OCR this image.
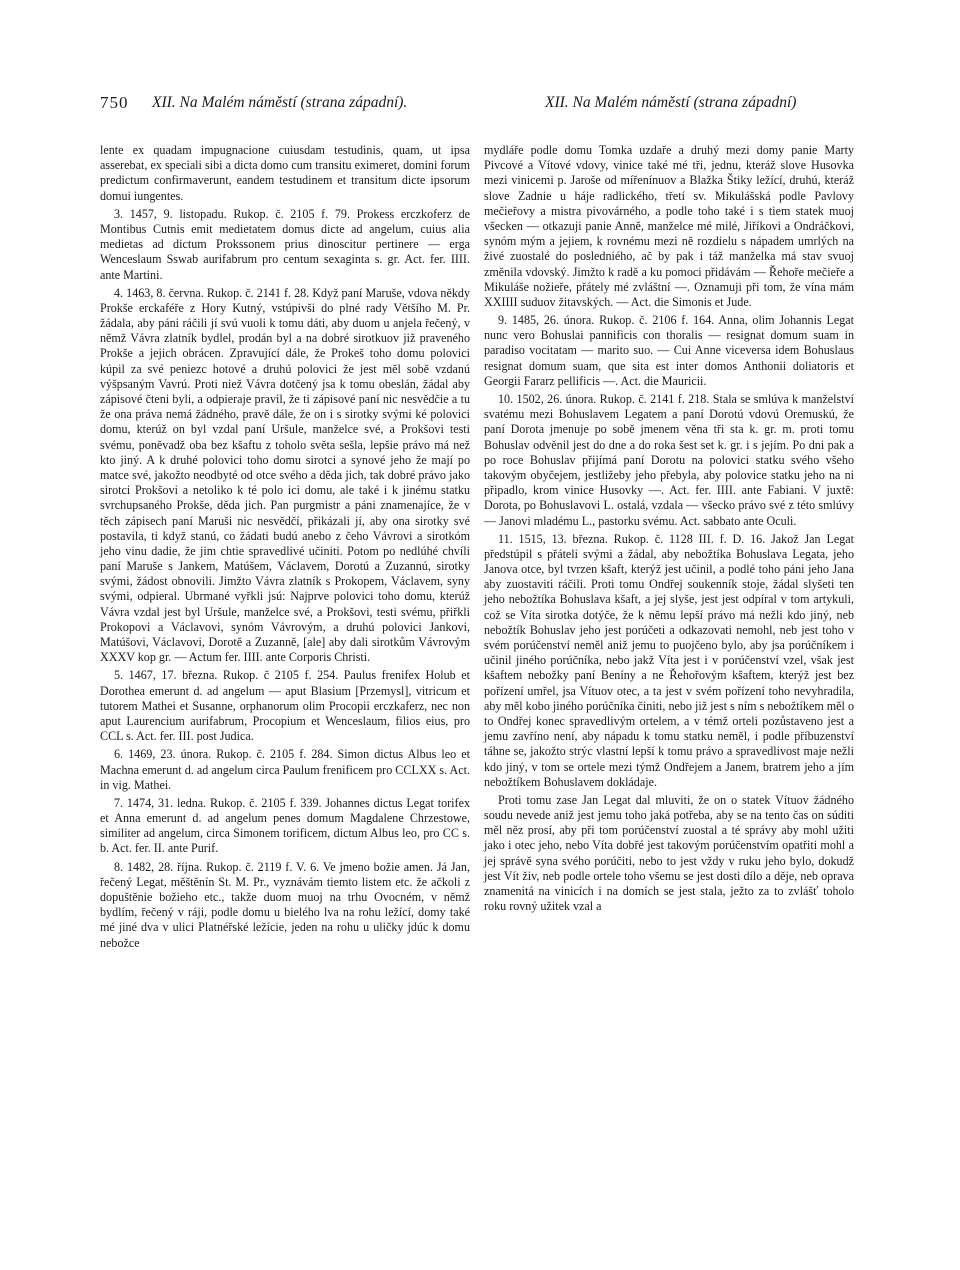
750 XII. Na Malém náměstí (strana západní).	XII. Na Malém náměstí (strana západní)

lente ex quadam impugnacione cuiusdam testudinis, quam, ut ipsa asserebat, ex speciali sibi a dicta domo cum transitu eximeret, domini forum predictum confirmaverunt, eandem testudinem et transitum dicte ipsorum domui iungentes.

3. 1457, 9. listopadu. Rukop. č. 2105 f. 79. Prokess erczkoferz de Montibus Cutnis emit medietatem domus dicte ad angelum, cuius alia medietas ad dictum Prokssonem prius dinoscitur pertinere — erga Wenceslaum Sswab aurifabrum pro centum sexaginta s. gr. Act. fer. IIII. ante Martini.

4. 1463, 8. června. Rukop. č. 2141 f. 28. Když paní Maruše, vdova někdy Prokše erckaféře z Hory Kutný, vstúpivši do plné rady Většího M. Pr. žádala, aby páni ráčili jí svú vuoli k tomu dáti, aby duom u anjela řečený, v němž Vávra zlatník bydlel, prodán byl a na dobré sirotkuov již praveného Prokše a jejich obrácen. Zpravující dále, že Prokeš toho domu polovici kúpil za své peniezc hotové a druhú polovici že jest měl sobě vzdanú výšpsaným Vavrú. Proti niež Vávra dotčený jsa k tomu obeslán, žádal aby zápisové čteni byli, a odpieraje pravil, že ti zápisové paní nic nesvědčie a tu že ona práva nemá žádného, pravě dále, že on i s sirotky svými ké polovici domu, kterúž on byl vzdal paní Uršule, manželce své, a Prokšovi testi svému, poněvadž oba bez kšaftu z toholo světa sešla, lepšie právo má než kto jiný. A k druhé polovici toho domu sirotci a synové jeho že mají po matce své, jakožto neodbyté od otce svého a děda jich, tak dobré právo jako sirotci Prokšovi a netoliko k té polo ici domu, ale také i k jinému statku svrchupsaného Prokše, děda jich. Pan purgmistr a páni znamenajíce, že v těch zápisech paní Maruši nic nesvědčí, přikázali jí, aby ona sirotky své postavila, ti když stanú, co žádati budú anebo z čeho Vávrovi a sirotkóm jeho vinu dadie, že jim chtie spravedlivé učiniti. Potom po nedlúhé chvíli paní Maruše s Jankem, Matúšem, Václavem, Dorotú a Zuzannú, sirotky svými, žádost obnovili. Jimžto Vávra zlatník s Prokopem, Václavem, syny svými, odpieral. Ubrmané vyřkli jsú: Najprve polovici toho domu, kterúž Vávra vzdal jest byl Uršule, manželce své, a Prokšovi, testi svému, přiřkli Prokopovi a Václavovi, synóm Vávrovým, a druhú polovici Jankovi, Matúšovi, Václavovi, Dorotě a Zuzanně, [ale] aby dali sirotkům Vávrovým XXXV kop gr. — Actum fer. IIII. ante Corporis Christi.

5. 1467, 17. března. Rukop. č 2105 f. 254. Paulus frenifex Holub et Dorothea emerunt d. ad angelum — aput Blasium [Przemysl], vitricum et tutorem Mathei et Susanne, orphanorum olim Procopii erczkaferz, nec non aput Laurencium aurifabrum, Procopium et Wenceslaum, filios eius, pro CCL s. Act. fer. III. post Judica.

6. 1469, 23. února. Rukop. č. 2105 f. 284. Simon dictus Albus leo et Machna emerunt d. ad angelum circa Paulum frenificem pro CCLXX s. Act. in vig. Mathei.

7. 1474, 31. ledna. Rukop. č. 2105 f. 339. Johannes dictus Legat torifex et Anna emerunt d. ad angelum penes domum Magdalene Chrzestowe, similiter ad angelum, circa Simonem torificem, dictum Albus leo, pro CC s. b. Act. fer. II. ante Purif.

8. 1482, 28. října. Rukop. č. 2119 f. V. 6. Ve jmeno božie amen. Já Jan, řečený Legat, měštěnín St. M. Pr., vyznávám tiemto listem etc. že ačkoli z dopuštěnie božieho etc., takže duom muoj na trhu Ovocném, v němž bydlím, řečený v ráji, podle domu u bieléhо lva na rohu ležící, domy také mé jiné dva v ulici Platnéřské ležície, jeden na rohu u uličky jdúc k domu nebožce

mydláře podle domu Tomka uzdaře a druhý mezi domy panie Marty Pivcové a Vítové vdovy, vinice také mé tři, jednu, kteráž slove Husovka mezi vinicemi p. Jaroše od mířenínuov a Blažka Štiky ležící, druhú, kteráž slove Zadnie u háje radlického, třetí sv. Mikulášská podle Pavlovy mečieřovy a mistra pivovárného, a podle toho také i s tiem statek muoj všecken — otkazuji panie Anně, manželce mé milé, Jiříkovi a Ondráčkovi, synóm mým a jejiem, k rovnému mezi ně rozdielu s nápadem umrlých na živé zuostalé do posledniého, ač by pak i táž manželka má stav svuoj změnila vdovský. Jimžto k radě a ku pomoci přidávám — Řehoře mečieře a Mikuláše nožieře, přátely mé zvláštní —. Oznamuji při tom, že vína mám XXIIII suduov žitavských. — Act. die Simonis et Jude.

9. 1485, 26. února. Rukop. č. 2106 f. 164. Anna, olim Johannis Legat nunc vero Bohuslai pannificis con thoralis — resignat domum suam in paradiso vocitatam — marito suo. — Cui Anne viceversa idem Bohuslaus resignat domum suam, que sita est inter domos Anthonii doliatoris et Georgii Fararz pellificis —. Act. die Mauricii.

10. 1502, 26. února. Rukop. č. 2141 f. 218. Stala se smlúva k manželství svatému mezi Bohuslavem Legatem a paní Dorotú vdovú Oremuskú, že paní Dorota jmenuje po sobě jmenem věna tři sta k. gr. m. proti tomu Bohuslav odvěnil jest do dne a do roka šest set k. gr. i s jejím. Po dni pak a po roce Bohuslav přijímá paní Dorotu na polovici statku svého všeho takovým obyčejem, jestližeby jeho přebyla, aby polovice statku jeho na ni připadlo, krom vinice Husovky —. Act. fer. IIII. ante Fabiani. V juxtě: Dorota, po Bohuslavovi L. ostalá, vzdala — všecko právo své z této smlúvy — Janovi mladému L., pastorku svému. Act. sabbato ante Oculi.

11. 1515, 13. března. Rukop. č. 1128 III. f. D. 16. Jakož Jan Legat předstúpil s přáteli svými a žádal, aby nebožtíka Bohuslava Legata, jeho Janova otce, byl tvrzen kšaft, kterýž jest učinil, a podlé toho páni jeho Jana aby zuostaviti ráčili. Proti tomu Ondřej soukenník stoje, žádal slyšeti ten jeho nebožtíka Bohuslava kšaft, a jej slyše, jest jest odpíral v tom artykuli, což se Víta sirotka dotýče, že k němu lepší právo má nežli kdo jiný, neb nebožtík Bohuslav jeho jest porúčeti a odkazovati nemohl, neb jest toho v svém porúčenství neměl aniž jemu to puojčeno bylo, aby jsa porúčníkem i učinil jiného porúčníka, nebo jakž Víta jest i v porúčenství vzel, však jest kšaftem nebožky paní Beníny a ne Řehořovým kšaftem, kterýž jest bez pořízení umřel, jsa Vítuov otec, a ta jest v svém pořízení toho nevyhradila, aby měl kobo jiného porúčníka činiti, nebo již jest s ním s nebožtíkem měl o to Ondřej konec spravedlivým ortelem, a v témž orteli pozůstaveno jest a jemu zavříno není, aby nápadu k tomu statku neměl, i podle příbuzenství táhne se, jakožto strýc vlastní lepší k tomu právo a spravedlivost maje nežli kdo jiný, v tom se ortele mezi týmž Ondřejem a Janem, bratrem jeho a jím nebožtíkem Bohuslavem dokládaje.

Proti tomu zase Jan Legat dal mluviti, že on o statek Vítuov žádného soudu nevede aniž jest jemu toho jaká potřeba, aby se na tento čas on súditi měl něz prosí, aby při tom porúčenství zuostal a té správy aby mohl užiti jako i otec jeho, nebo Víta dobřé jest takovým porúčenstvím opatřiti mohl a jej správě syna svého porúčiti, nebo to jest vždy v ruku jeho bylo, dokudž jest Vít živ, neb podle ortele toho všemu se jest dosti dílo a děje, neb oprava znamenitá na vinicích i na domích se jest stala, ježto za to zvlášť toholo roku rovný užitek vzal a
